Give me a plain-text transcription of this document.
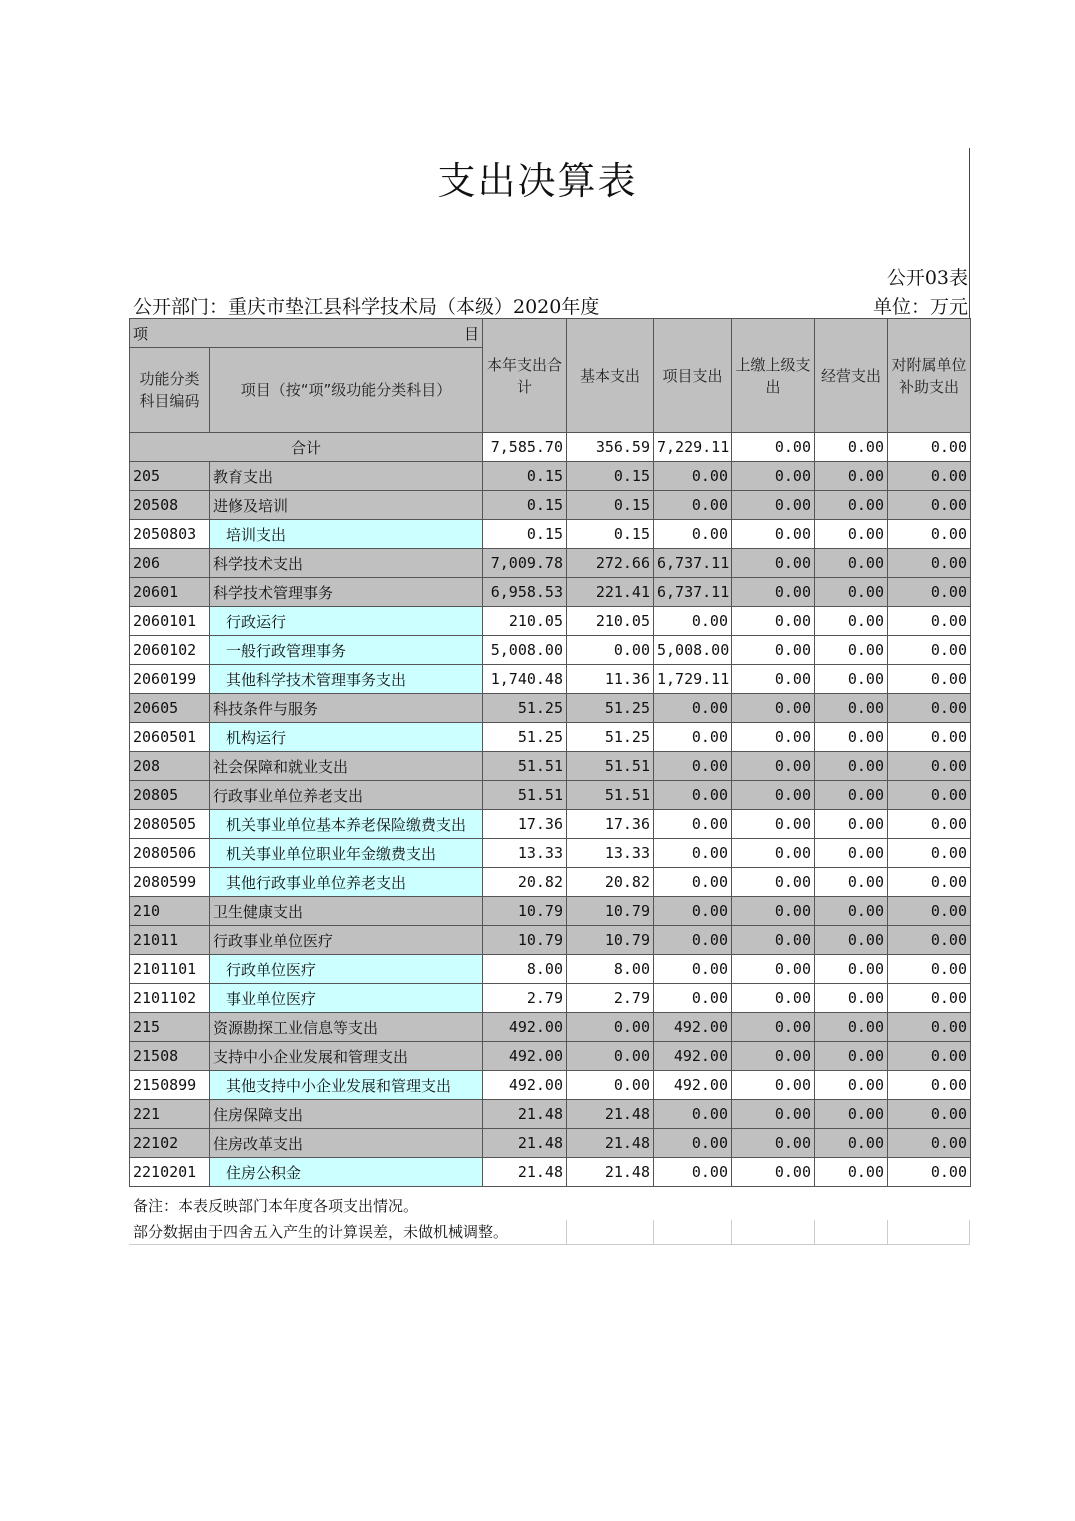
支出决算表
公开03表
公开部门：重庆市垫江县科学技术局（本级）2020年度	单位：万元
项 目		本年支出合计	基本支出	项目支出	上缴上级支出	经营支出	对附属单位补助支出
功能分类科目编码	项目（按“项”级功能分类科目）						
合计		7,585.70	356.59	7,229.11	0.00	0.00	0.00
205	教育支出	0.15	0.15	0.00	0.00	0.00	0.00
20508	进修及培训	0.15	0.15	0.00	0.00	0.00	0.00
2050803	培训支出	0.15	0.15	0.00	0.00	0.00	0.00
206	科学技术支出	7,009.78	272.66	6,737.11	0.00	0.00	0.00
20601	科学技术管理事务	6,958.53	221.41	6,737.11	0.00	0.00	0.00
2060101	行政运行	210.05	210.05	0.00	0.00	0.00	0.00
2060102	一般行政管理事务	5,008.00	0.00	5,008.00	0.00	0.00	0.00
2060199	其他科学技术管理事务支出	1,740.48	11.36	1,729.11	0.00	0.00	0.00
20605	科技条件与服务	51.25	51.25	0.00	0.00	0.00	0.00
2060501	机构运行	51.25	51.25	0.00	0.00	0.00	0.00
208	社会保障和就业支出	51.51	51.51	0.00	0.00	0.00	0.00
20805	行政事业单位养老支出	51.51	51.51	0.00	0.00	0.00	0.00
2080505	机关事业单位基本养老保险缴费支出	17.36	17.36	0.00	0.00	0.00	0.00
2080506	机关事业单位职业年金缴费支出	13.33	13.33	0.00	0.00	0.00	0.00
2080599	其他行政事业单位养老支出	20.82	20.82	0.00	0.00	0.00	0.00
210	卫生健康支出	10.79	10.79	0.00	0.00	0.00	0.00
21011	行政事业单位医疗	10.79	10.79	0.00	0.00	0.00	0.00
2101101	行政单位医疗	8.00	8.00	0.00	0.00	0.00	0.00
2101102	事业单位医疗	2.79	2.79	0.00	0.00	0.00	0.00
215	资源勘探工业信息等支出	492.00	0.00	492.00	0.00	0.00	0.00
21508	支持中小企业发展和管理支出	492.00	0.00	492.00	0.00	0.00	0.00
2150899	其他支持中小企业发展和管理支出	492.00	0.00	492.00	0.00	0.00	0.00
221	住房保障支出	21.48	21.48	0.00	0.00	0.00	0.00
22102	住房改革支出	21.48	21.48	0.00	0.00	0.00	0.00
2210201	住房公积金	21.48	21.48	0.00	0.00	0.00	0.00
备注：本表反映部门本年度各项支出情况。
部分数据由于四舍五入产生的计算误差，未做机械调整。
